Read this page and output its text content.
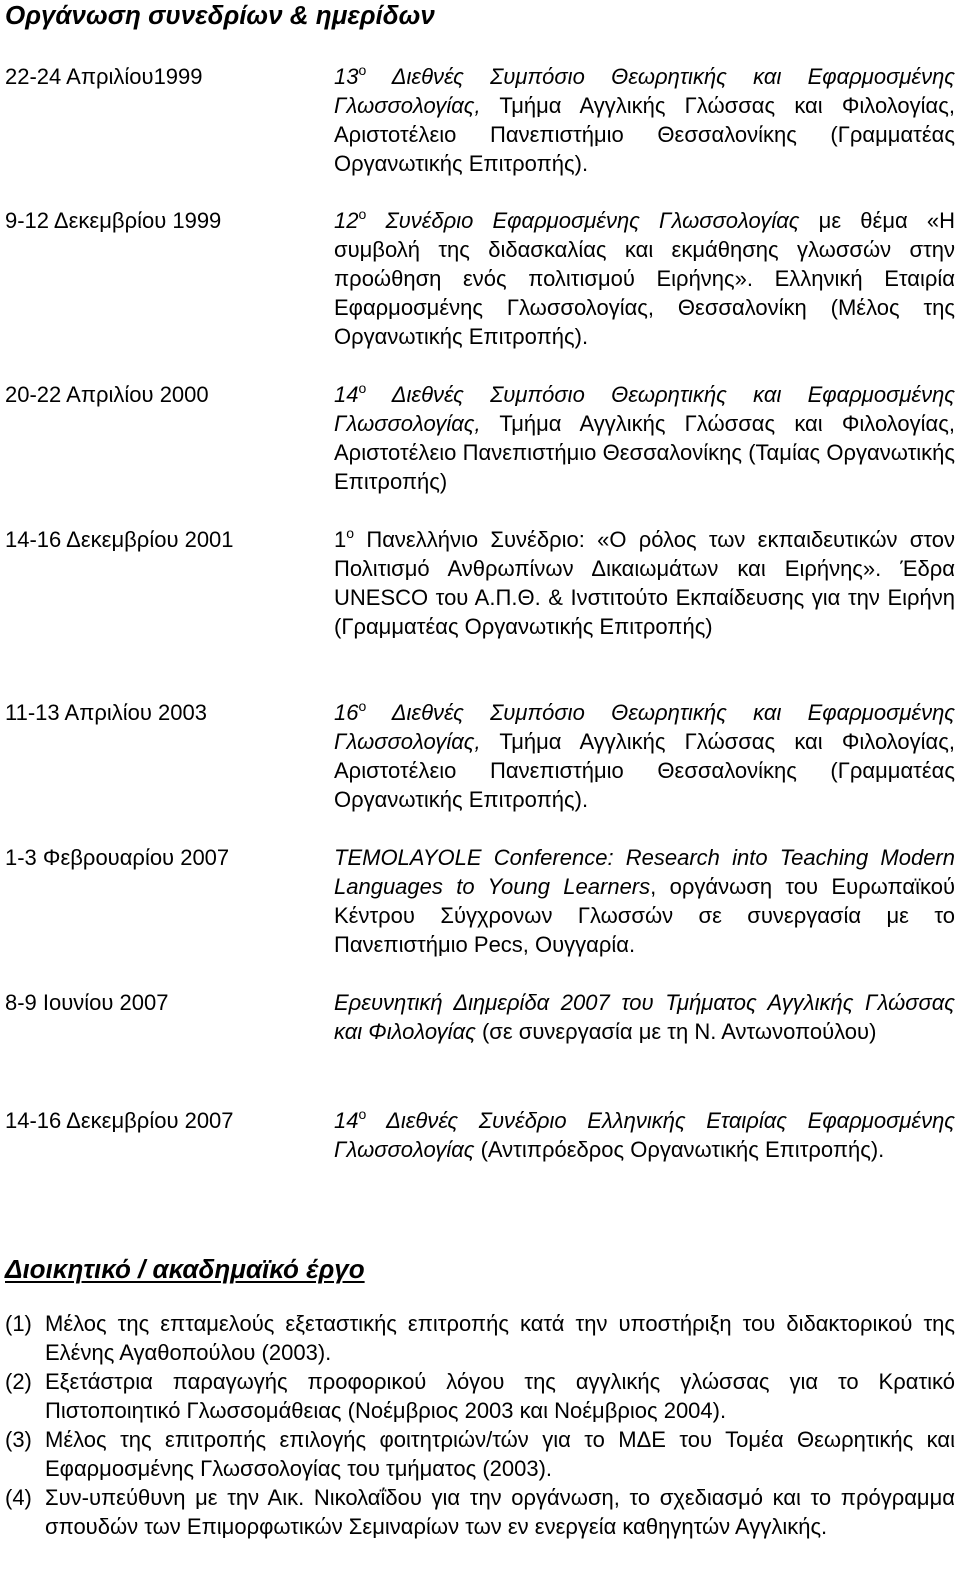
Οργάνωση συνεδρίων & ημερίδων
22-24 Απριλίου1999	$13^o$ Διεθνές Συμπόσιο Θεωρητικής και Εφαρμοσμένης Γλωσσολογίας, Τμήμα Αγγλικής Γλώσσας και Φιλολογίας, Αριστοτέλειο Πανεπιστήμιο Θεσσαλονίκης (Γραμματέας Οργανωτικής Επιτροπής).

9-12 Δεκεμβρίου 1999	$12^o$ Συνέδριο Εφαρμοσμένης Γλωσσολογίας με θέμα «Η συμβολή της διδασκαλίας και εκμάθησης γλωσσών στην προώθηση ενός πολιτισμού Ειρήνης». Ελληνική Εταιρία Εφαρμοσμένης Γλωσσολογίας, Θεσσαλονίκη (Μέλος της Οργανωτικής Επιτροπής).

20-22 Απριλίου 2000	$14^o$ Διεθνές Συμπόσιο Θεωρητικής και Εφαρμοσμένης Γλωσσολογίας, Τμήμα Αγγλικής Γλώσσας και Φιλολογίας, Αριστοτέλειο Πανεπιστήμιο Θεσσαλονίκης (Ταμίας Οργανωτικής Επιτροπής)

14-16 Δεκεμβρίου 2001	$1^o$ Πανελλήνιο Συνέδριο: «Ο ρόλος των εκπαιδευτικών στον Πολιτισμό Ανθρωπίνων Δικαιωμάτων και Ειρήνης». Έδρα UNESCO του Α.Π.Θ. & Ινστιτούτο Εκπαίδευσης για την Ειρήνη (Γραμματέας Οργανωτικής Επιτροπής)

11-13 Απριλίου 2003	$16^o$ Διεθνές Συμπόσιο Θεωρητικής και Εφαρμοσμένης Γλωσσολογίας, Τμήμα Αγγλικής Γλώσσας και Φιλολογίας, Αριστοτέλειο Πανεπιστήμιο Θεσσαλονίκης (Γραμματέας Οργανωτικής Επιτροπής).

1-3 Φεβρουαρίου 2007	TEMOLAYOLE Conference: Research into Teaching Modern Languages to Young Learners, οργάνωση του Ευρωπαϊκού Κέντρου Σύγχρονων Γλωσσών σε συνεργασία με το Πανεπιστήμιο Pecs, Ουγγαρία.

8-9 Ιουνίου 2007	Ερευνητική Διημερίδα 2007 του Τμήματος Αγγλικής Γλώσσας και Φιλολογίας (σε συνεργασία με τη Ν. Αντωνοπούλου)

14-16 Δεκεμβρίου 2007	$14^o$ Διεθνές Συνέδριο Ελληνικής Εταιρίας Εφαρμοσμένης Γλωσσολογίας (Αντιπρόεδρος Οργανωτικής Επιτροπής).

Διοικητικό / ακαδημαϊκό έργο
(1) Μέλος της επταμελούς εξεταστικής επιτροπής κατά την υποστήριξη του διδακτορικού της Ελένης Αγαθοπούλου (2003).
(2) Εξετάστρια παραγωγής προφορικού λόγου της αγγλικής γλώσσας για το Κρατικό Πιστοποιητικό Γλωσσομάθειας (Νοέμβριος 2003 και Νοέμβριος 2004).
(3) Μέλος της επιτροπής επιλογής φοιτητριών/τών για το ΜΔΕ του Τομέα Θεωρητικής και Εφαρμοσμένης Γλωσσολογίας του τμήματος (2003).
(4) Συν-υπεύθυνη με την Αικ. Νικολαΐδου για την οργάνωση, το σχεδιασμό και το πρόγραμμα σπουδών των Επιμορφωτικών Σεμιναρίων των εν ενεργεία καθηγητών Αγγλικής.
